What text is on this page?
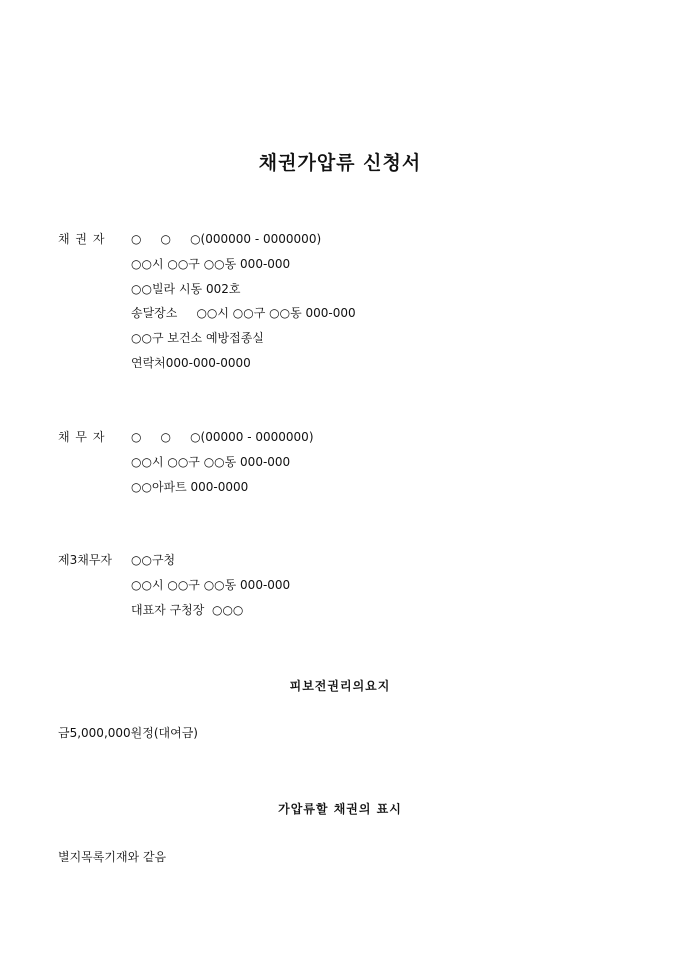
채권가압류 신청서
채 권 자 ○     ○     ○(000000 - 0000000)
○○시 ○○구 ○○동 000-000
○○빌라 시동 002호
송달장소     ○○시 ○○구 ○○동 000-000
○○구 보건소 예방접종실
연락처000-000-0000
채 무 자 ○     ○     ○(00000 - 0000000)
○○시 ○○구 ○○동 000-000
○○아파트 000-0000
제3채무자 ○○구청
○○시 ○○구 ○○동 000-000
대표자 구청장  ○○○
피보전권리의요지
금5,000,000원정(대여금)
가압류할 채권의 표시
별지목록기재와 같음
